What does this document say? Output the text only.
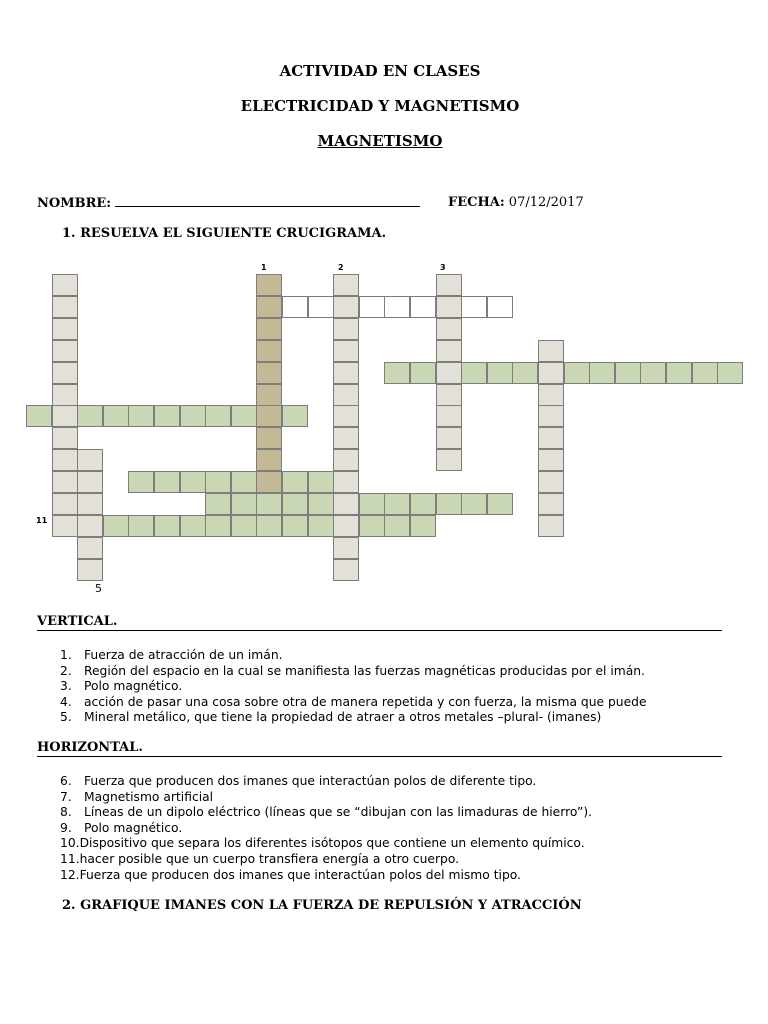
ACTIVIDAD EN CLASES
ELECTRICIDAD Y MAGNETISMO
MAGNETISMO
NOMBRE:	FECHA: 07/12/2017
1. RESUELVA EL SIGUIENTE CRUCIGRAMA.
1	2	3
11
5
VERTICAL.
1. Fuerza de atracción de un imán.
2. Región del espacio en la cual se manifiesta las fuerzas magnéticas producidas por el imán.
3. Polo magnético.
4. acción de pasar una cosa sobre otra de manera repetida y con fuerza, la misma que puede
5. Mineral metálico, que tiene la propiedad de atraer a otros metales –plural- (imanes)
HORIZONTAL.
6. Fuerza que producen dos imanes que interactúan polos de diferente tipo.
7. Magnetismo artificial
8. Líneas de un dipolo eléctrico (líneas que se “dibujan con las limaduras de hierro”).
9. Polo magnético.
10.Dispositivo que separa los diferentes isótopos que contiene un elemento químico.
11.hacer posible que un cuerpo transfiera energía a otro cuerpo.
12.Fuerza que producen dos imanes que interactúan polos del mismo tipo.
2. GRAFIQUE IMANES CON LA FUERZA DE REPULSIÓN Y ATRACCIÓN
